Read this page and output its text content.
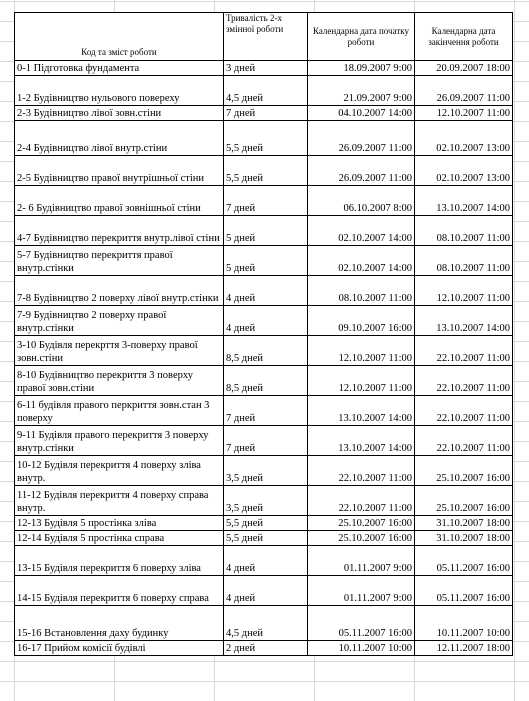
Код та зміст роботи	Тривалість 2-х змінної роботи	Календарна дата початку роботи	Календарна дата закінчення роботи
0-1 Підготовка фундамента	3 дней	18.09.2007 9:00	20.09.2007 18:00
1-2 Будівництво нульового повереху	4,5 дней	21.09.2007 9:00	26.09.2007 11:00
2-3 Будівництво лівої зовн.стіни	7 дней	04.10.2007 14:00	12.10.2007 11:00
2-4 Будівництво лівої внутр.стіни	5,5 дней	26.09.2007 11:00	02.10.2007 13:00
2-5 Будівництво правої внутрішньої стіни	5,5 дней	26.09.2007 11:00	02.10.2007 13:00
2- 6 Будівництво правої зовнішньої стіни	7 дней	06.10.2007 8:00	13.10.2007 14:00
4-7 Будівництво перекриття внутр.лівої стіни	5 дней	02.10.2007 14:00	08.10.2007 11:00
5-7 Будівництво перекриття правої внутр.стінки	5 дней	02.10.2007 14:00	08.10.2007 11:00
7-8 Будівництво 2 поверху лівої внутр.стінки	4 дней	08.10.2007 11:00	12.10.2007 11:00
7-9 Будівництво 2 поверху правої внутр.стінки	4 дней	09.10.2007 16:00	13.10.2007 14:00
3-10 Будівля перекрття 3-поверху правої зовн.стіни	8,5 дней	12.10.2007 11:00	22.10.2007 11:00
8-10 Будівництво перекриття 3 поверху правої зовн.стіни	8,5 дней	12.10.2007 11:00	22.10.2007 11:00
6-11 будівля правого перкриття зовн.стан 3 поверху	7 дней	13.10.2007 14:00	22.10.2007 11:00
9-11 Будівля правого перекриття 3 поверху внутр.стінки	7 дней	13.10.2007 14:00	22.10.2007 11:00
10-12 Будівля перекриття 4 поверху зліва внутр.	3,5 дней	22.10.2007 11:00	25.10.2007 16:00
11-12 Будівля перекриття 4 поверху справа внутр.	3,5 дней	22.10.2007 11:00	25.10.2007 16:00
12-13 Будівля 5 простінка зліва	5,5 дней	25.10.2007 16:00	31.10.2007 18:00
12-14 Будівля 5 простінка справа	5,5 дней	25.10.2007 16:00	31.10.2007 18:00
13-15 Будівля перекриття 6 поверху зліва	4 дней	01.11.2007 9:00	05.11.2007 16:00
14-15 Будівля перекриття 6 поверху справа	4 дней	01.11.2007 9:00	05.11.2007 16:00
15-16 Встановлення даху будинку	4,5 дней	05.11.2007 16:00	10.11.2007 10:00
16-17 Прийом комісії будівлі	2 дней	10.11.2007 10:00	12.11.2007 18:00
